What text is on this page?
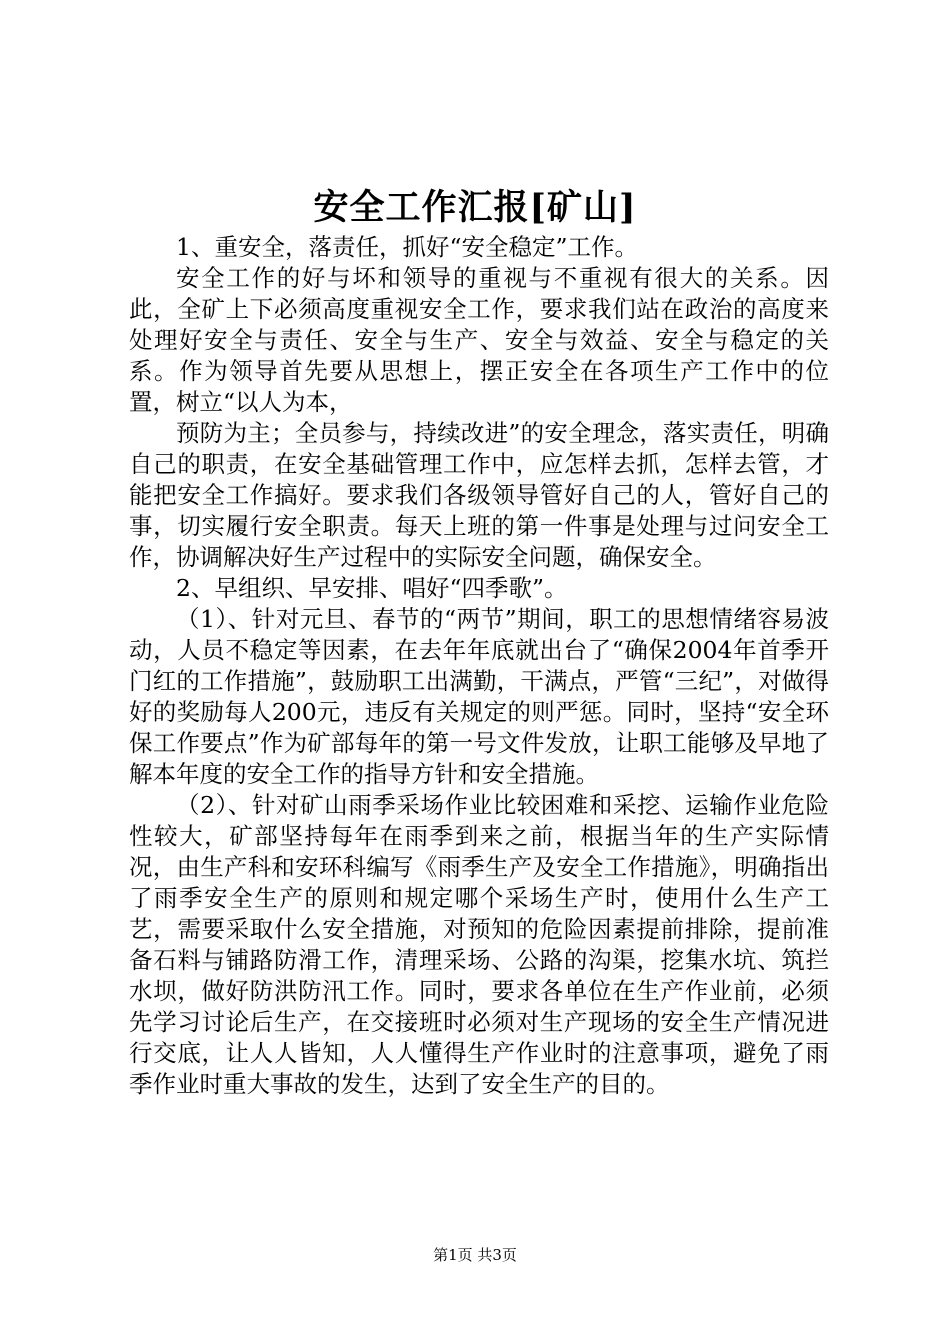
安全工作汇报[矿山]

1、重安全，落责任，抓好“安全稳定”工作。

安全工作的好与坏和领导的重视与不重视有很大的关系。因此，全矿上下必须高度重视安全工作，要求我们站在政治的高度来处理好安全与责任、安全与生产、安全与效益、安全与稳定的关系。作为领导首先要从思想上，摆正安全在各项生产工作中的位置，树立“以人为本，

预防为主；全员参与，持续改进”的安全理念，落实责任，明确自己的职责，在安全基础管理工作中，应怎样去抓，怎样去管，才能把安全工作搞好。要求我们各级领导管好自己的人，管好自己的事，切实履行安全职责。每天上班的第一件事是处理与过问安全工作，协调解决好生产过程中的实际安全问题，确保安全。

2、早组织、早安排、唱好“四季歌”。

（1）、针对元旦、春节的“两节”期间，职工的思想情绪容易波动，人员不稳定等因素，在去年年底就出台了“确保2004年首季开门红的工作措施”，鼓励职工出满勤，干满点，严管“三纪”，对做得好的奖励每人200元，违反有关规定的则严惩。同时，坚持“安全环保工作要点”作为矿部每年的第一号文件发放，让职工能够及早地了解本年度的安全工作的指导方针和安全措施。

（2）、针对矿山雨季采场作业比较困难和采挖、运输作业危险性较大，矿部坚持每年在雨季到来之前，根据当年的生产实际情况，由生产科和安环科编写《雨季生产及安全工作措施》，明确指出了雨季安全生产的原则和规定哪个采场生产时，使用什么生产工艺，需要采取什么安全措施，对预知的危险因素提前排除，提前准备石料与铺路防滑工作，清理采场、公路的沟渠，挖集水坑、筑拦水坝，做好防洪防汛工作。同时，要求各单位在生产作业前，必须先学习讨论后生产，在交接班时必须对生产现场的安全生产情况进行交底，让人人皆知，人人懂得生产作业时的注意事项，避免了雨季作业时重大事故的发生，达到了安全生产的目的。

第1页 共3页
